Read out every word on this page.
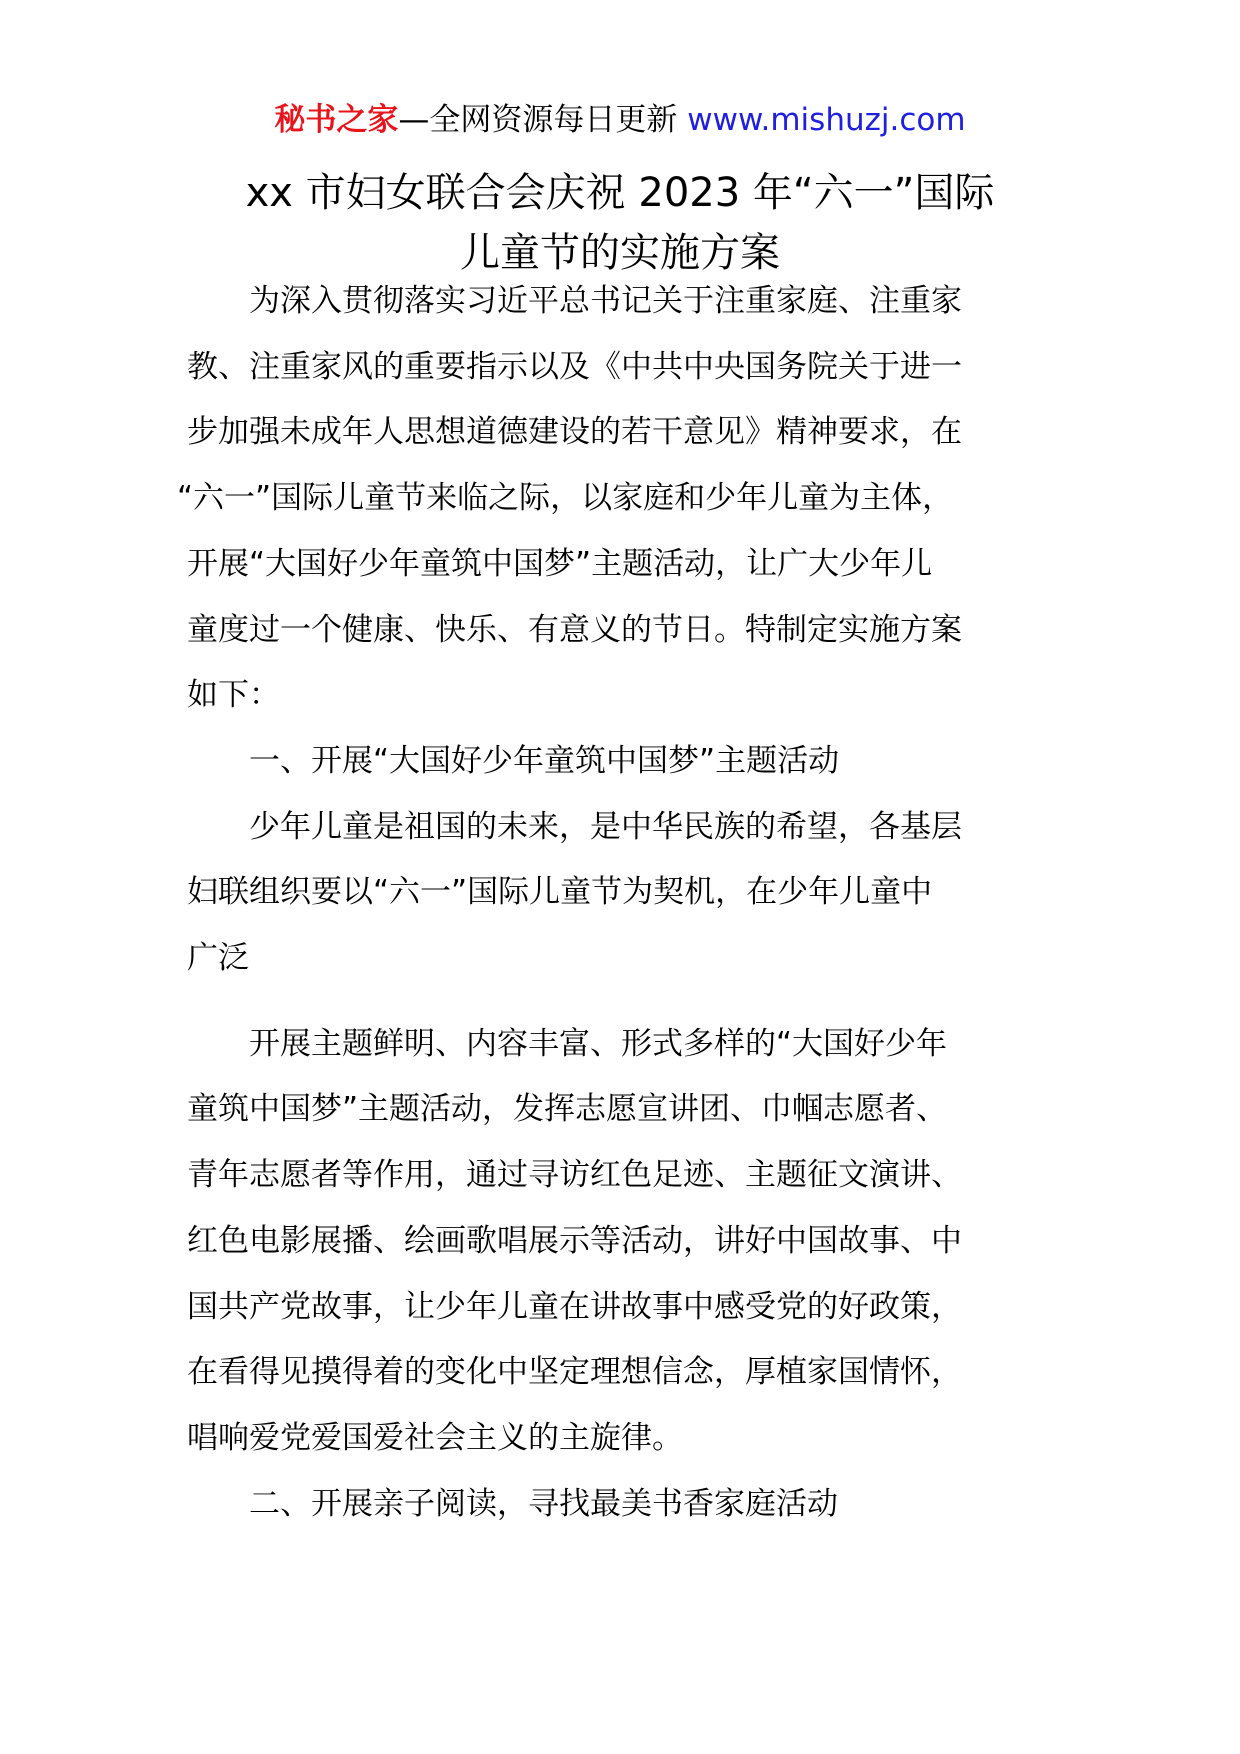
秘书之家—全网资源每日更新 www.mishuzj.com
xx 市妇女联合会庆祝 2023 年“六一”国际
儿童节的实施方案
　　为深入贯彻落实习近平总书记关于注重家庭、注重家
教、注重家风的重要指示以及《中共中央国务院关于进一
步加强未成年人思想道德建设的若干意见》精神要求，在
“六一”国际儿童节来临之际，以家庭和少年儿童为主体，
开展“大国好少年童筑中国梦”主题活动，让广大少年儿
童度过一个健康、快乐、有意义的节日。特制定实施方案
如下：
　　一、开展“大国好少年童筑中国梦”主题活动
　　少年儿童是祖国的未来，是中华民族的希望，各基层
妇联组织要以“六一”国际儿童节为契机，在少年儿童中
广泛
　　开展主题鲜明、内容丰富、形式多样的“大国好少年
童筑中国梦”主题活动，发挥志愿宣讲团、巾帼志愿者、
青年志愿者等作用，通过寻访红色足迹、主题征文演讲、
红色电影展播、绘画歌唱展示等活动，讲好中国故事、中
国共产党故事，让少年儿童在讲故事中感受党的好政策，
在看得见摸得着的变化中坚定理想信念，厚植家国情怀，
唱响爱党爱国爱社会主义的主旋律。
　　二、开展亲子阅读，寻找最美书香家庭活动
